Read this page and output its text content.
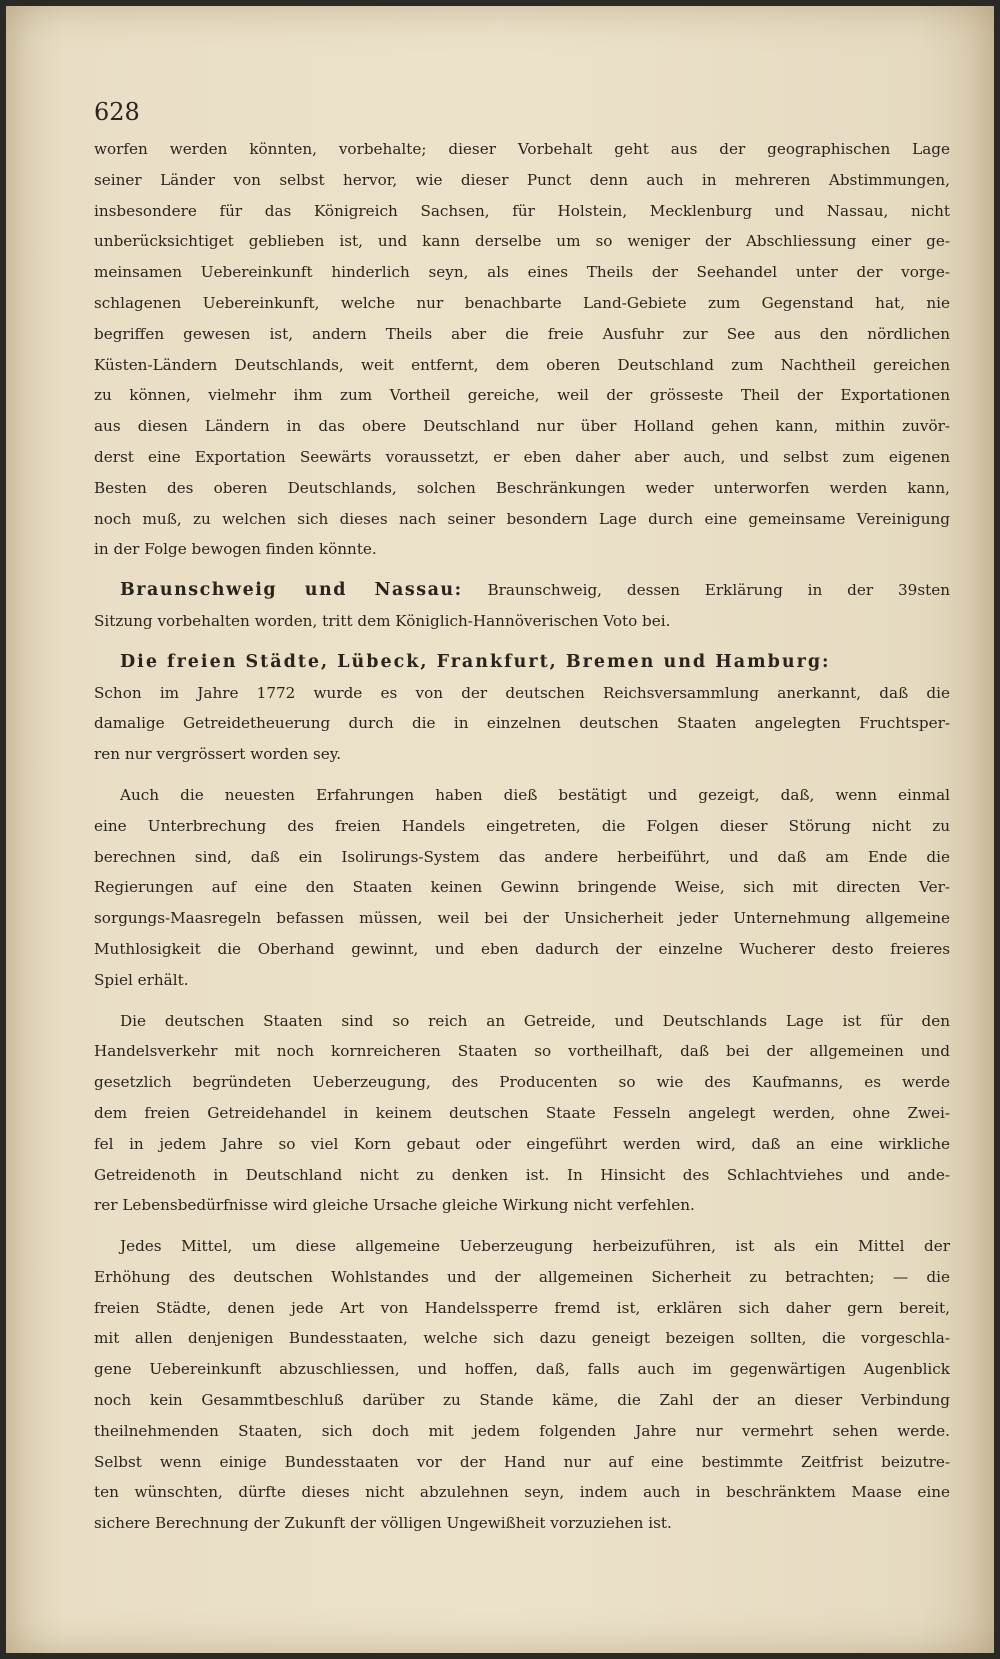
628
worfen werden könnten, vorbehalte; dieser Vorbehalt geht aus der geographischen Lage
seiner Länder von selbst hervor, wie dieser Punct denn auch in mehreren Abstimmungen,
insbesondere für das Königreich Sachsen, für Holstein, Mecklenburg und Nassau, nicht
unberücksichtiget geblieben ist, und kann derselbe um so weniger der Abschliessung einer ge-
meinsamen Uebereinkunft hinderlich seyn, als eines Theils der Seehandel unter der vorge-
schlagenen Uebereinkunft, welche nur benachbarte Land-Gebiete zum Gegenstand hat, nie
begriffen gewesen ist, andern Theils aber die freie Ausfuhr zur See aus den nördlichen
Küsten-Ländern Deutschlands, weit entfernt, dem oberen Deutschland zum Nachtheil gereichen
zu können, vielmehr ihm zum Vortheil gereiche, weil der grösseste Theil der Exportationen
aus diesen Ländern in das obere Deutschland nur über Holland gehen kann, mithin zuvör-
derst eine Exportation Seewärts voraussetzt, er eben daher aber auch, und selbst zum eigenen
Besten des oberen Deutschlands, solchen Beschränkungen weder unterworfen werden kann,
noch muß, zu welchen sich dieses nach seiner besondern Lage durch eine gemeinsame Vereinigung
in der Folge bewogen finden könnte.
Braunschweig und Nassau: Braunschweig, dessen Erklärung in der 39sten
Sitzung vorbehalten worden, tritt dem Königlich-Hannöverischen Voto bei.
Die freien Städte, Lübeck, Frankfurt, Bremen und Hamburg:
Schon im Jahre 1772 wurde es von der deutschen Reichsversammlung anerkannt, daß die
damalige Getreidetheuerung durch die in einzelnen deutschen Staaten angelegten Fruchtsper-
ren nur vergrössert worden sey.
Auch die neuesten Erfahrungen haben dieß bestätigt und gezeigt, daß, wenn einmal
eine Unterbrechung des freien Handels eingetreten, die Folgen dieser Störung nicht zu
berechnen sind, daß ein Isolirungs-System das andere herbeiführt, und daß am Ende die
Regierungen auf eine den Staaten keinen Gewinn bringende Weise, sich mit directen Ver-
sorgungs-Maasregeln befassen müssen, weil bei der Unsicherheit jeder Unternehmung allgemeine
Muthlosigkeit die Oberhand gewinnt, und eben dadurch der einzelne Wucherer desto freieres
Spiel erhält.
Die deutschen Staaten sind so reich an Getreide, und Deutschlands Lage ist für den
Handelsverkehr mit noch kornreicheren Staaten so vortheilhaft, daß bei der allgemeinen und
gesetzlich begründeten Ueberzeugung, des Producenten so wie des Kaufmanns, es werde
dem freien Getreidehandel in keinem deutschen Staate Fesseln angelegt werden, ohne Zwei-
fel in jedem Jahre so viel Korn gebaut oder eingeführt werden wird, daß an eine wirkliche
Getreidenoth in Deutschland nicht zu denken ist. In Hinsicht des Schlachtviehes und ande-
rer Lebensbedürfnisse wird gleiche Ursache gleiche Wirkung nicht verfehlen.
Jedes Mittel, um diese allgemeine Ueberzeugung herbeizuführen, ist als ein Mittel der
Erhöhung des deutschen Wohlstandes und der allgemeinen Sicherheit zu betrachten; — die
freien Städte, denen jede Art von Handelssperre fremd ist, erklären sich daher gern bereit,
mit allen denjenigen Bundesstaaten, welche sich dazu geneigt bezeigen sollten, die vorgeschla-
gene Uebereinkunft abzuschliessen, und hoffen, daß, falls auch im gegenwärtigen Augenblick
noch kein Gesammtbeschluß darüber zu Stande käme, die Zahl der an dieser Verbindung
theilnehmenden Staaten, sich doch mit jedem folgenden Jahre nur vermehrt sehen werde.
Selbst wenn einige Bundesstaaten vor der Hand nur auf eine bestimmte Zeitfrist beizutre-
ten wünschten, dürfte dieses nicht abzulehnen seyn, indem auch in beschränktem Maase eine
sichere Berechnung der Zukunft der völligen Ungewißheit vorzuziehen ist.
